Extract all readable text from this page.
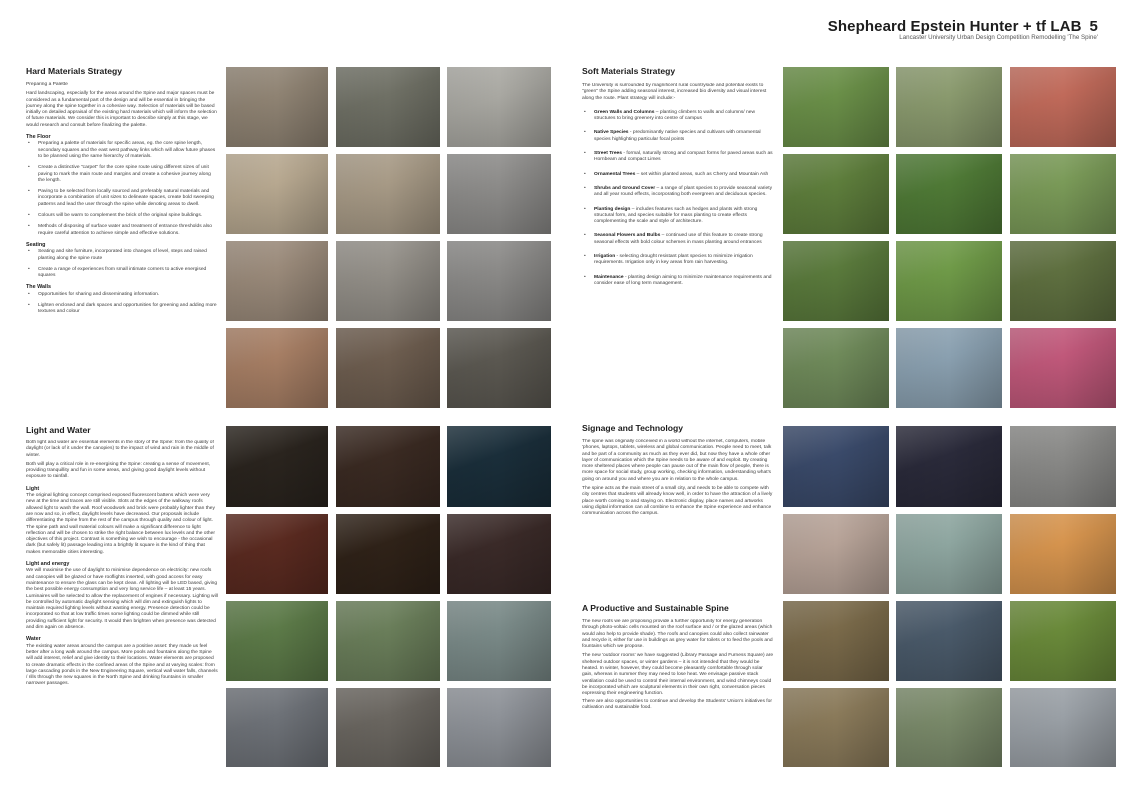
Shepheard Epstein Hunter + tf LAB 5
Lancaster University Urban Design Competition Remodelling 'The Spine'
Hard Materials Strategy

Preparing a Palette

Hard landscaping, especially for the areas around the Spine and major spaces must be considered as a fundamental part of the design and will be essential in bringing the journey along the spine together in a cohesive way. Selection of materials will be based initially on detailed appraisal of the existing hard materials which will inform the selection of future materials. We consider this is important to describe simply at this stage, we would research and consult before finalizing the palette.

The Floor
• Preparing a palette of materials for specific areas, eg. the core spine length, secondary squares and the east west pathway links which will allow future phases to be planned using the same hierarchy of materials.
• Create a distinctive "carpet" for the core spine route using different sizes of unit paving to mark the main route and margins and create a cohesive journey along the length.
• Paving to be selected from locally sourced and preferably natural materials and incorporate a combination of unit sizes to delineate spaces, create bold sweeping patterns and lead the user through the spine while denoting areas to dwell.
• Colours will be warm to complement the brick of the original spine buildings.
• Methods of disposing of surface water and treatment of entrance thresholds also require careful attention to achieve simple and effective solutions.
Seating
• Seating and site furniture, incorporated into changes of level, steps and raised planting along the spine route
• Create a range of experiences from small intimate corners to active energised squares
The Walls
• Opportunities for sharing and disseminating information.
• Lighten enclosed and dark spaces and opportunities for greening and adding more textures and colour
Light and Water

Both light and water are essential elements in the story of the Spine: from the quality of daylight (or lack of it under the canopies) to the impact of wind and rain in the middle of winter.

Both will play a critical role in re-energising the Spine: creating a sense of movement, providing tranquillity and fun in some areas, and giving good daylight levels without exposure to rainfall.

Light

The original lighting concept comprised exposed fluorescent battens which were very new at the time and traces are still visible. Slots at the edges of the walkway roofs allowed light to wash the wall. Roof woodwork and brick were probably lighter than they are now and so, in effect, daylight levels have decreased. Our proposals include differentiating the Spine from the rest of the campus through quality and colour of light. The spine path and wall material colours will make a significant difference to light reflection and will be chosen to strike the right balance between lux levels and the other objectives of this project. Contrast is something we wish to encourage - the occasional dark (but safely lit) passage leading into a brightly lit square is the kind of thing that makes memorable cities interesting.

Light and energy

We will maximise the use of daylight to minimise dependence on electricity: new roofs and canopies will be glazed or have rooflights inserted, with good access for easy maintenance to ensure the glass can be kept clean. All lighting will be LED based, giving the best possible energy consumption and very long service life – at least 15 years. Luminaires will be selected to allow the replacement of engines if necessary. Lighting will be controlled by automatic daylight sensing which will dim and extinguish lights to maintain required lighting levels without wasting energy. Presence detection could be incorporated so that at low traffic times some lighting could be dimmed while still providing sufficient light for security. It would then brighten when presence was detected and dim again on absence.

Water

The existing water areas around the campus are a positive asset: they made us feel better after a long walk around the campus. More pools and fountains along the Spine will add interest, relief and give identity to their locations. Water elements are proposed to create dramatic effects in the confined areas of the Spine and at varying scales: from large cascading ponds in the New Engineering Square, vertical wall water falls, channels / rills through the new squares in the North Spine and drinking fountains in smaller narrower passages.

Soft Materials Strategy

The University is surrounded by magnificent rural countryside and potential exists to "green" the Spine adding seasonal interest, increased bio diversity and visual interest along the route. Plant strategy will include:-

• Green Walls and Columns – planting climbers to walls and columns/ new structures to bring greenery into centre of campus
• Native Species - predominantly native species and cultivars with ornamental species highlighting particular focal points
• Street Trees - formal, naturally strong and compact forms for paved areas such as Hornbeam and compact Limes
• Ornamental Trees – set within planted areas, such as Cherry and Mountain Ash
• Shrubs and Ground Cover – a range of plant species to provide seasonal variety and all year round effects, incorporating both evergreen and deciduous species.
• Planting design – includes features such as hedges and plants with strong structural form, and species suitable for mass planting to create effects complementing the scale and style of architecture.
• Seasonal Flowers and Bulbs – continued use of this feature to create strong seasonal effects with bold colour schemes in mass planting around entrances
• Irrigation - selecting drought resistant plant species to minimize irrigation requirements. Irrigation only in key areas from rain harvesting.
• Maintenance - planting design aiming to minimize maintenance requirements and consider ease of long term management.
Signage and Technology

The spine was originally conceived in a world without the internet, computers, mobile 'phones, laptops, tablets, wireless and global communication. People need to meet, talk and be part of a community as much as they ever did, but now they have a whole other layer of communication which the Spine needs to be aware of and exploit. By creating more sheltered places where people can pause out of the main flow of people, there is more space for social study, group working, checking information, understanding what's going on around you and where you are in relation to the whole campus.

The spine acts as the main street of a small city, and needs to be able to compete with city centres that students will already know well, in order to have the attraction of a lively place worth coming to and staying on. Electronic display, place names and artworks using digital information can all combine to enhance the Spine experience and enhance communication across the campus.

A Productive and Sustainable Spine

The new roofs we are proposing provide a further opportunity for energy generation through photo-voltaic cells mounted on the roof surface and / or the glazed areas (which would also help to provide shade). The roofs and canopies could also collect rainwater and recycle it, either for use in buildings as grey water for toilets or to feed the pools and fountains which we propose.

The new 'outdoor rooms' we have suggested (Library Passage and Furness Square) are sheltered outdoor spaces, or winter gardens – it is not intended that they would be heated. In winter, however, they could become pleasantly comfortable through solar gain, whereas in summer they may need to lose heat. We envisage passive stack ventilation could be used to control their internal environment, and wind chimneys could be incorporated which are sculptural elements in their own right, conversation pieces expressing their engineering function.

There are also opportunities to continue and develop the Students' Union's initiatives for cultivation and sustainable food.
